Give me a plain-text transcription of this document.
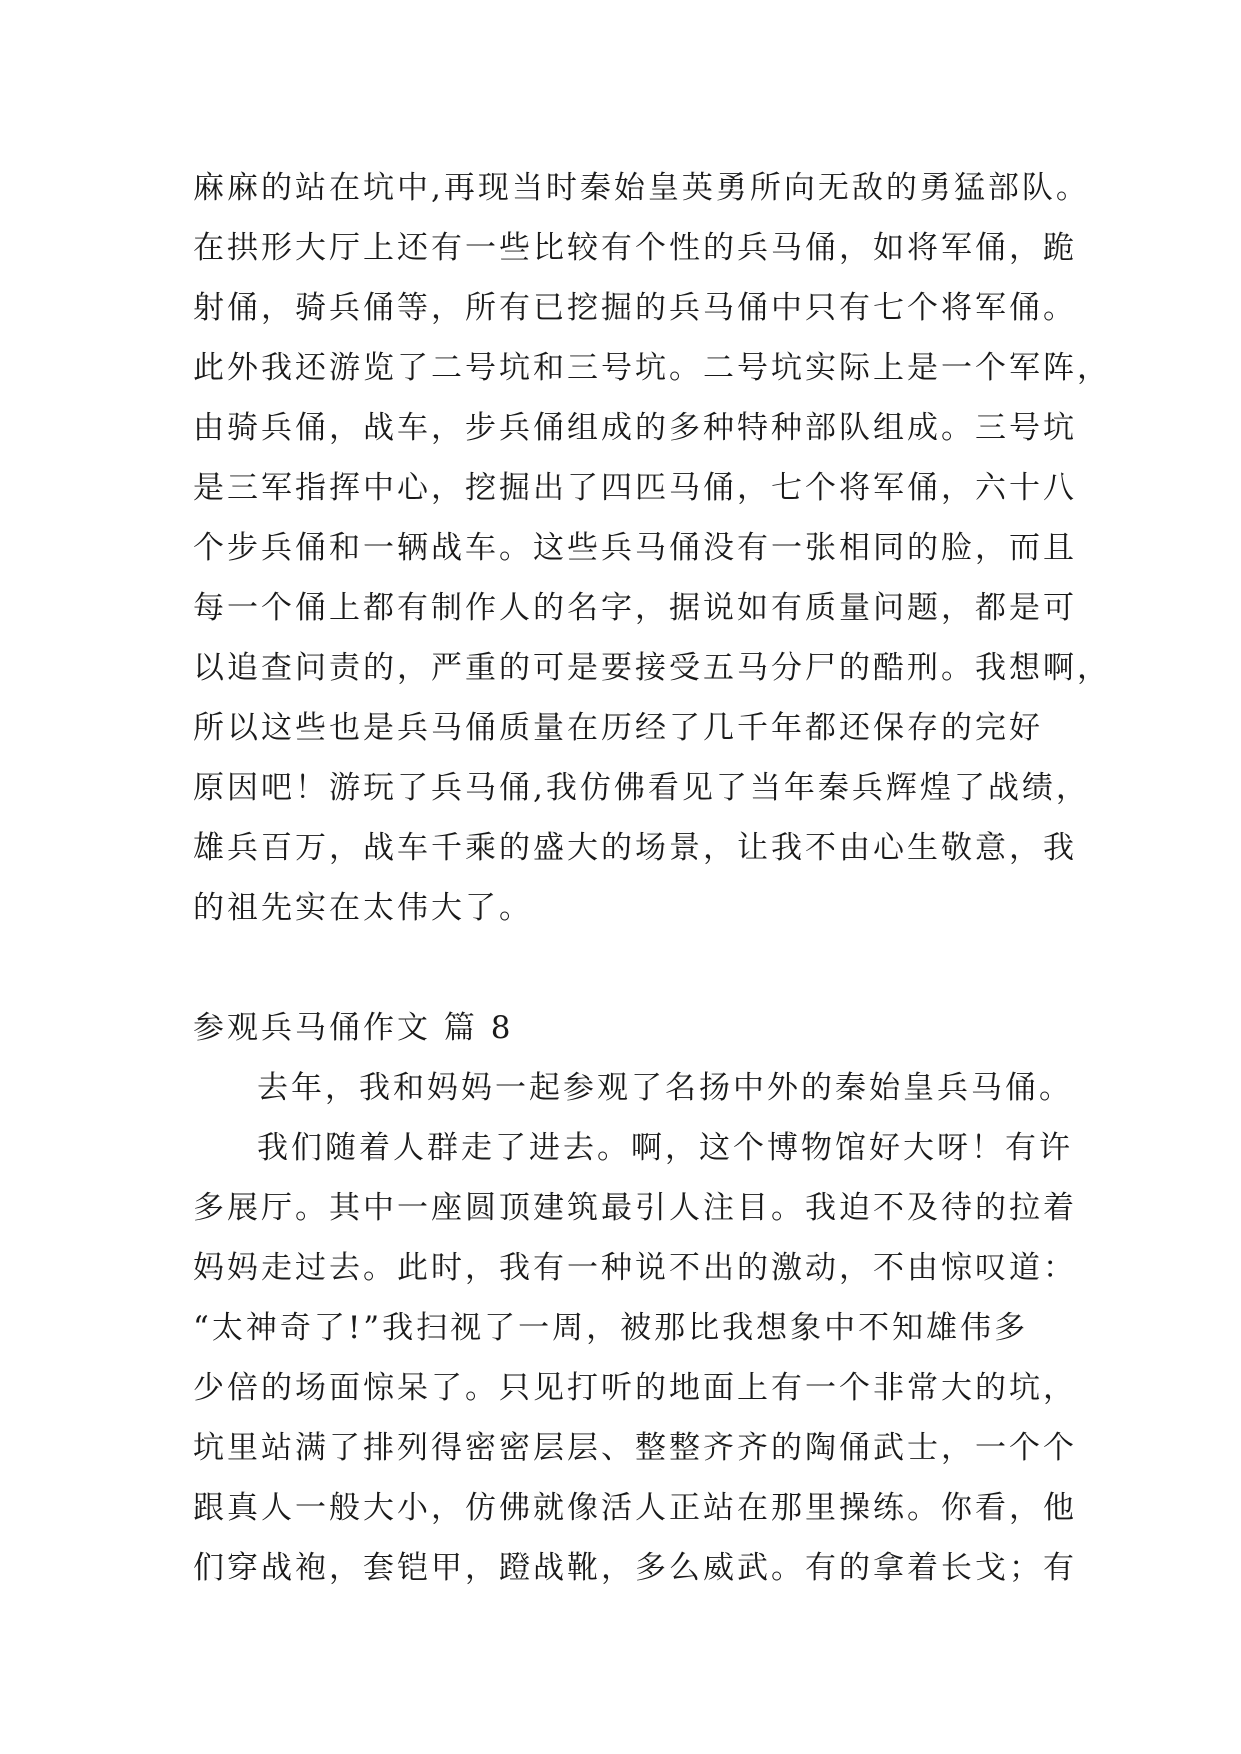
麻麻的站在坑中,再现当时秦始皇英勇所向无敌的勇猛部队。
在拱形大厅上还有一些比较有个性的兵马俑，如将军俑，跪
射俑，骑兵俑等，所有已挖掘的兵马俑中只有七个将军俑。
此外我还游览了二号坑和三号坑。二号坑实际上是一个军阵，
由骑兵俑，战车，步兵俑组成的多种特种部队组成。三号坑
是三军指挥中心，挖掘出了四匹马俑，七个将军俑，六十八
个步兵俑和一辆战车。这些兵马俑没有一张相同的脸，而且
每一个俑上都有制作人的名字，据说如有质量问题，都是可
以追查问责的，严重的可是要接受五马分尸的酷刑。我想啊，
所以这些也是兵马俑质量在历经了几千年都还保存的完好
原因吧！游玩了兵马俑,我仿佛看见了当年秦兵辉煌了战绩，
雄兵百万，战车千乘的盛大的场景，让我不由心生敬意，我
的祖先实在太伟大了。
参观兵马俑作文 篇 8
去年，我和妈妈一起参观了名扬中外的秦始皇兵马俑。
我们随着人群走了进去。啊，这个博物馆好大呀！有许
多展厅。其中一座圆顶建筑最引人注目。我迫不及待的拉着
妈妈走过去。此时，我有一种说不出的激动，不由惊叹道：
“太神奇了!”我扫视了一周，被那比我想象中不知雄伟多
少倍的场面惊呆了。只见打听的地面上有一个非常大的坑，
坑里站满了排列得密密层层、整整齐齐的陶俑武士，一个个
跟真人一般大小，仿佛就像活人正站在那里操练。你看，他
们穿战袍，套铠甲，蹬战靴，多么威武。有的拿着长戈；有
